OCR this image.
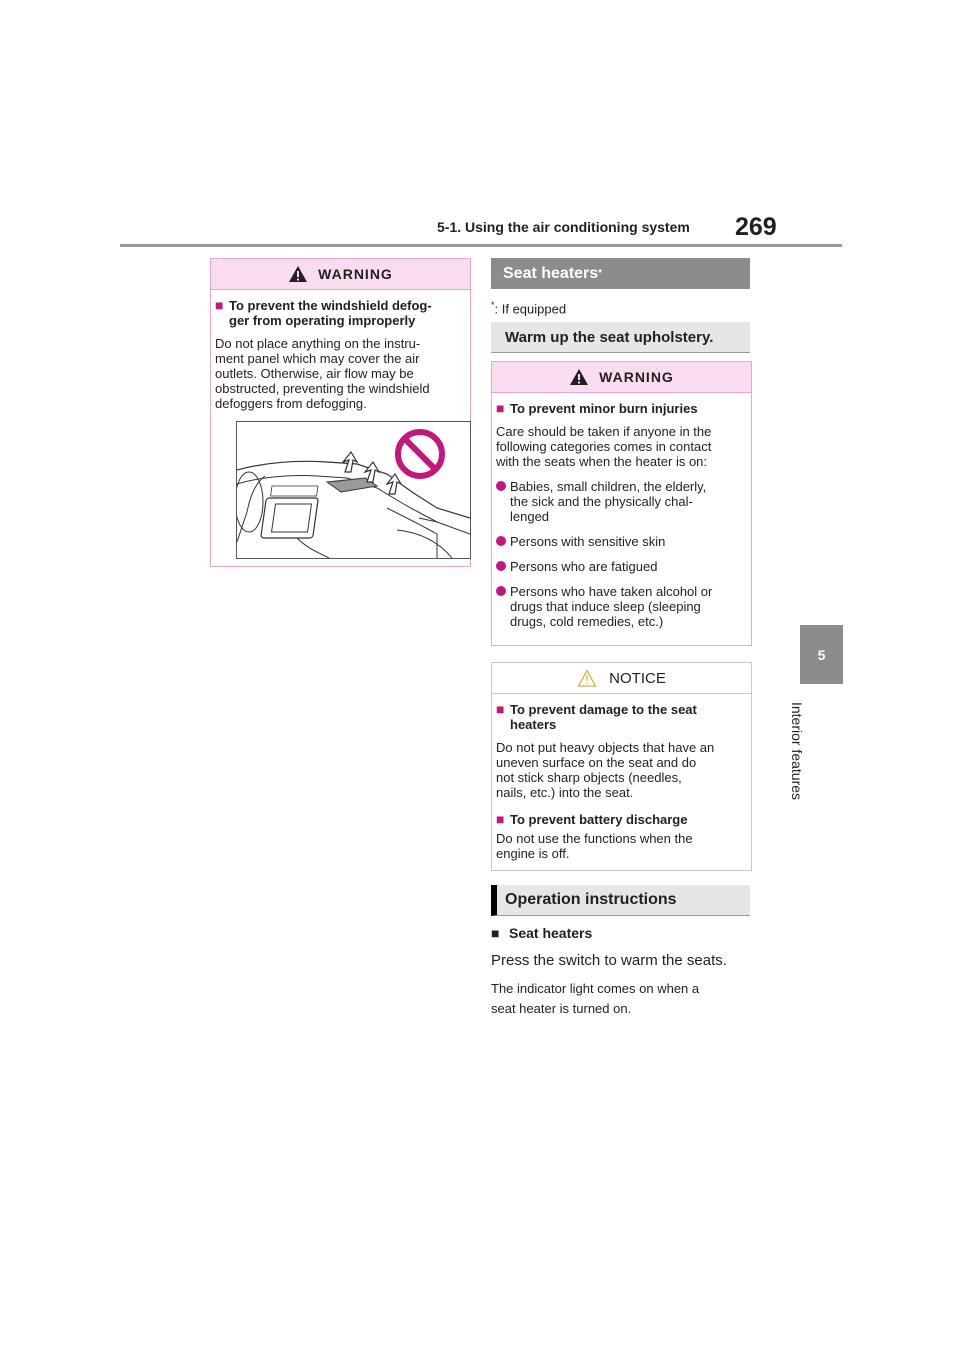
5-1. Using the air conditioning system 269
5
Interior features
WARNING
■ To prevent the windshield defog-
ger from operating improperly

Do not place anything on the instru-
ment panel which may cover the air
outlets. Otherwise, air flow may be
obstructed, preventing the windshield
defoggers from defogging.

Seat heaters *
*: If equipped
Warm up the seat upholstery.
WARNING
■ To prevent minor burn injuries

Care should be taken if anyone in the
following categories comes in contact
with the seats when the heater is on:

Babies, small children, the elderly,
the sick and the physically chal-
lenged
Persons with sensitive skin
Persons who are fatigued
Persons who have taken alcohol or
drugs that induce sleep (sleeping
drugs, cold remedies, etc.)
NOTICE
■ To prevent damage to the seat
heaters

Do not put heavy objects that have an
uneven surface on the seat and do
not stick sharp objects (needles,
nails, etc.) into the seat.

■ To prevent battery discharge

Do not use the functions when the
engine is off.

Operation instructions
■ Seat heaters
Press the switch to warm the seats.
The indicator light comes on when a
seat heater is turned on.
